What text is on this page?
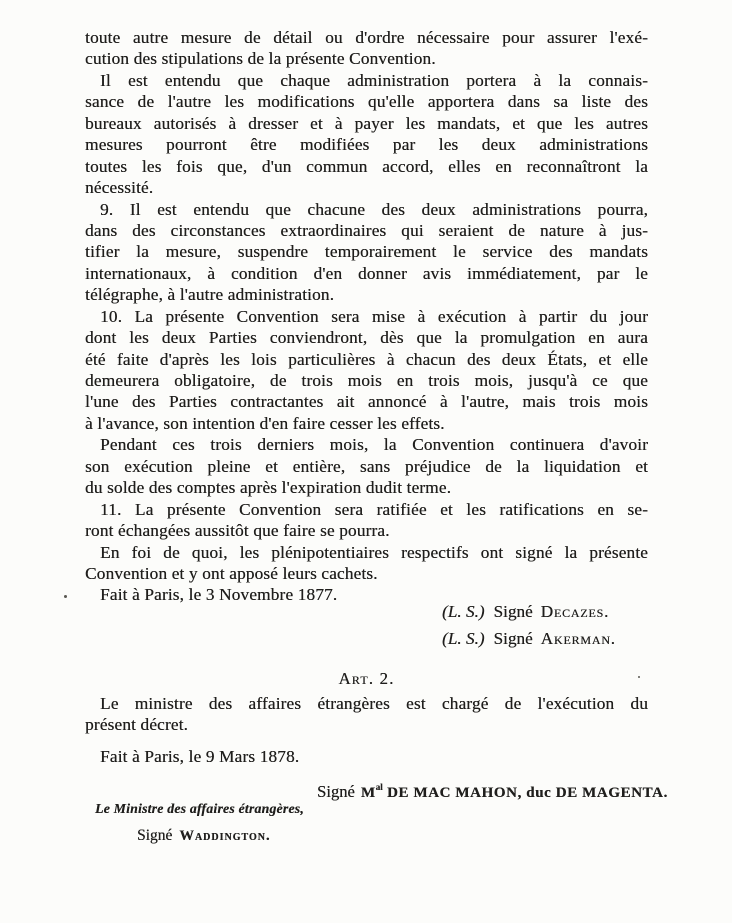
toute autre mesure de détail ou d'ordre nécessaire pour assurer l'exé-
cution des stipulations de la présente Convention.
Il est entendu que chaque administration portera à la connais-
sance de l'autre les modifications qu'elle apportera dans sa liste des
bureaux autorisés à dresser et à payer les mandats, et que les autres
mesures pourront être modifiées par les deux administrations
toutes les fois que, d'un commun accord, elles en reconnaîtront la
nécessité.
9. Il est entendu que chacune des deux administrations pourra,
dans des circonstances extraordinaires qui seraient de nature à jus-
tifier la mesure, suspendre temporairement le service des mandats
internationaux, à condition d'en donner avis immédiatement, par le
télégraphe, à l'autre administration.
10. La présente Convention sera mise à exécution à partir du jour
dont les deux Parties conviendront, dès que la promulgation en aura
été faite d'après les lois particulières à chacun des deux États, et elle
demeurera obligatoire, de trois mois en trois mois, jusqu'à ce que
l'une des Parties contractantes ait annoncé à l'autre, mais trois mois
à l'avance, son intention d'en faire cesser les effets.
Pendant ces trois derniers mois, la Convention continuera d'avoir
son exécution pleine et entière, sans préjudice de la liquidation et
du solde des comptes après l'expiration dudit terme.
11. La présente Convention sera ratifiée et les ratifications en se-
ront échangées aussitôt que faire se pourra.
En foi de quoi, les plénipotentiaires respectifs ont signé la présente
Convention et y ont apposé leurs cachets.
Fait à Paris, le 3 Novembre 1877.
(L. S.) Signé Decazes.
(L. S.) Signé Akerman.
Art. 2.
Le ministre des affaires étrangères est chargé de l'exécution du
présent décret.
Fait à Paris, le 9 Mars 1878.
Signé $M^{al}$ DE MAC MAHON, duc DE MAGENTA.
Le Ministre des affaires étrangères,
Signé Waddington.
